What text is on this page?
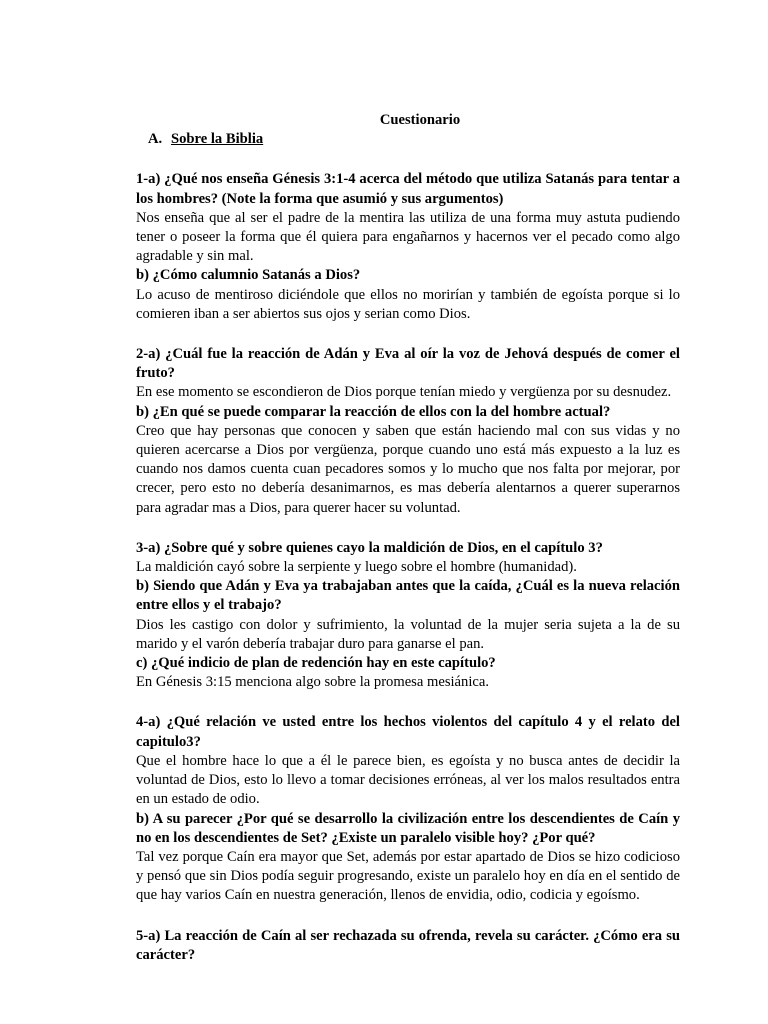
Cuestionario

A. Sobre la Biblia

1-a) ¿Qué nos enseña Génesis 3:1-4 acerca del método que utiliza Satanás para tentar a los hombres? (Note la forma que asumió y sus argumentos)

Nos enseña que al ser el padre de la mentira las utiliza de una forma muy astuta pudiendo tener o poseer la forma que él quiera para engañarnos y hacernos ver el pecado como algo agradable y sin mal.

b) ¿Cómo calumnio Satanás a Dios?

Lo acuso de mentiroso diciéndole que ellos no morirían y también de egoísta porque si lo comieren iban a ser abiertos sus ojos y serian como Dios.

2-a) ¿Cuál fue la reacción de Adán y Eva al oír la voz de Jehová después de comer el fruto?

En ese momento se escondieron de Dios porque tenían miedo y vergüenza por su desnudez.

b) ¿En qué se puede comparar la reacción de ellos con la del hombre actual?

Creo que hay personas que conocen y saben que están haciendo mal con sus vidas y no quieren acercarse a Dios por vergüenza, porque cuando uno está más expuesto a la luz es cuando nos damos cuenta cuan pecadores somos y lo mucho que nos falta por mejorar, por crecer, pero esto no debería desanimarnos, es mas debería alentarnos a querer superarnos para agradar mas a Dios, para querer hacer su voluntad.

3-a) ¿Sobre qué y sobre quienes cayo la maldición de Dios, en el capítulo 3?

La maldición cayó sobre la serpiente y luego sobre el hombre (humanidad).

b) Siendo que Adán y Eva ya trabajaban antes que la caída, ¿Cuál es la nueva relación entre ellos y el trabajo?

Dios les castigo con dolor y sufrimiento, la voluntad de la mujer seria sujeta a la de su marido y el varón debería trabajar duro para ganarse el pan.

c) ¿Qué indicio de plan de redención hay en este capítulo?

En Génesis 3:15 menciona algo sobre la promesa mesiánica.

4-a) ¿Qué relación ve usted entre los hechos violentos del capítulo 4 y el relato del capitulo3?

Que el hombre hace lo que a él le parece bien, es egoísta y no busca antes de decidir la voluntad de Dios, esto lo llevo a tomar decisiones erróneas, al ver los malos resultados entra en un estado de odio.

b) A su parecer ¿Por qué se desarrollo la civilización entre los descendientes de Caín y no en los descendientes de Set? ¿Existe un paralelo visible hoy? ¿Por qué?

Tal vez porque Caín era mayor que Set, además por estar apartado de Dios se hizo codicioso y pensó que sin Dios podía seguir progresando, existe un paralelo hoy en día en el sentido de que hay varios Caín en nuestra generación, llenos de envidia, odio, codicia y egoísmo.

5-a) La reacción de Caín al ser rechazada su ofrenda, revela su carácter. ¿Cómo era su carácter?
